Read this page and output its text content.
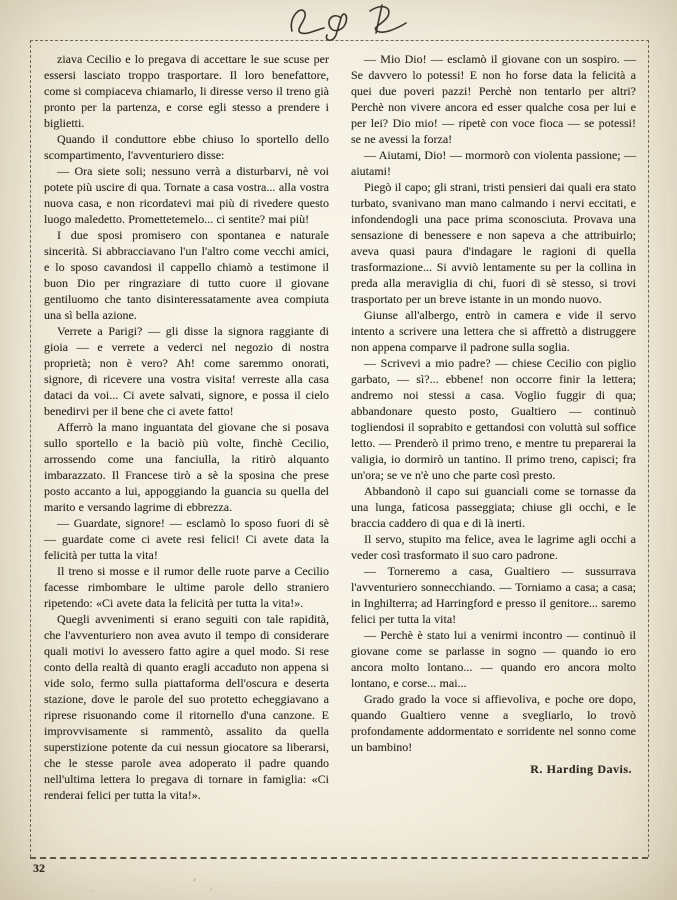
ziava Cecilio e lo pregava di accettare le sue scuse per essersi lasciato troppo trasportare. Il loro benefattore, come si compiaceva chiamarlo, li diresse verso il treno già pronto per la partenza, e corse egli stesso a prendere i biglietti.

Quando il conduttore ebbe chiuso lo sportello dello scompartimento, l'avventuriero disse:

— Ora siete soli; nessuno verrà a disturbarvi, nè voi potete più uscire di qua. Tornate a casa vostra... alla vostra nuova casa, e non ricordatevi mai più di rivedere questo luogo maledetto. Promettetemelo... ci sentite? mai più!

I due sposi promisero con spontanea e naturale sincerità. Si abbracciavano l'un l'altro come vecchi amici, e lo sposo cavandosi il cappello chiamò a testimone il buon Dio per ringraziare di tutto cuore il giovane gentiluomo che tanto disinteressatamente avea compiuta una sì bella azione.

Verrete a Parigi? — gli disse la signora raggiante di gioia — e verrete a vederci nel negozio di nostra proprietà; non è vero? Ah! come saremmo onorati, signore, di ricevere una vostra visita! verreste alla casa dataci da voi... Ci avete salvati, signore, e possa il cielo benedirvi per il bene che ci avete fatto!

Afferrò la mano inguantata del giovane che si posava sullo sportello e la baciò più volte, finchè Cecilio, arrossendo come una fanciulla, la ritirò alquanto imbarazzato. Il Francese tirò a sè la sposina che prese posto accanto a lui, appoggiando la guancia su quella del marito e versando lagrime di ebbrezza.

— Guardate, signore! — esclamò lo sposo fuori di sè — guardate come ci avete resi felici! Ci avete data la felicità per tutta la vita!

Il treno si mosse e il rumor delle ruote parve a Cecilio facesse rimbombare le ultime parole dello straniero ripetendo: «Ci avete data la felicità per tutta la vita!».

Quegli avvenimenti si erano seguiti con tale rapidità, che l'avventuriero non avea avuto il tempo di considerare quali motivi lo avessero fatto agire a quel modo. Si rese conto della realtà di quanto eragli accaduto non appena si vide solo, fermo sulla piattaforma dell'oscura e deserta stazione, dove le parole del suo protetto echeggiavano a riprese risuonando come il ritornello d'una canzone. E improvvisamente si rammentò, assalito da quella superstizione potente da cui nessun giocatore sa liberarsi, che le stesse parole avea adoperato il padre quando nell'ultima lettera lo pregava di tornare in famiglia: «Ci renderai felici per tutta la vita!».

— Mio Dio! — esclamò il giovane con un sospiro. — Se davvero lo potessi! E non ho forse data la felicità a quei due poveri pazzi! Perchè non tentarlo per altri? Perchè non vivere ancora ed esser qualche cosa per lui e per lei? Dio mio! — ripetè con voce fioca — se potessi! se ne avessi la forza!

— Aiutami, Dio! — mormorò con violenta passione; — aiutami!

Piegò il capo; gli strani, tristi pensieri dai quali era stato turbato, svanivano man mano calmando i nervi eccitati, e infondendogli una pace prima sconosciuta. Provava una sensazione di benessere e non sapeva a che attribuirlo; aveva quasi paura d'indagare le ragioni di quella trasformazione... Si avviò lentamente su per la collina in preda alla meraviglia di chi, fuori di sè stesso, si trovi trasportato per un breve istante in un mondo nuovo.

Giunse all'albergo, entrò in camera e vide il servo intento a scrivere una lettera che si affrettò a distruggere non appena comparve il padrone sulla soglia.

— Scrivevi a mio padre? — chiese Cecilio con piglio garbato, — sì?... ebbene! non occorre finir la lettera; andremo noi stessi a casa. Voglio fuggir di qua; abbandonare questo posto, Gualtiero — continuò togliendosi il soprabito e gettandosi con voluttà sul soffice letto. — Prenderò il primo treno, e mentre tu preparerai la valigia, io dormirò un tantino. Il primo treno, capisci; fra un'ora; se ve n'è uno che parte così presto.

Abbandonò il capo sui guanciali come se tornasse da una lunga, faticosa passeggiata; chiuse gli occhi, e le braccia caddero di qua e di là inerti.

Il servo, stupito ma felice, avea le lagrime agli occhi a veder così trasformato il suo caro padrone.

— Torneremo a casa, Gualtiero — sussurrava l'avventuriero sonnecchiando. — Torniamo a casa; a casa; in Inghilterra; ad Harringford e presso il genitore... saremo felici per tutta la vita!

— Perchè è stato lui a venirmi incontro — continuò il giovane come se parlasse in sogno — quando io ero ancora molto lontano... — quando ero ancora molto lontano, e corse... mai...

Grado grado la voce si affievoliva, e poche ore dopo, quando Gualtiero venne a svegliarlo, lo trovò profondamente addormentato e sorridente nel sonno come un bambino!

R. Harding Davis.

32
ʹ ˏ
·
